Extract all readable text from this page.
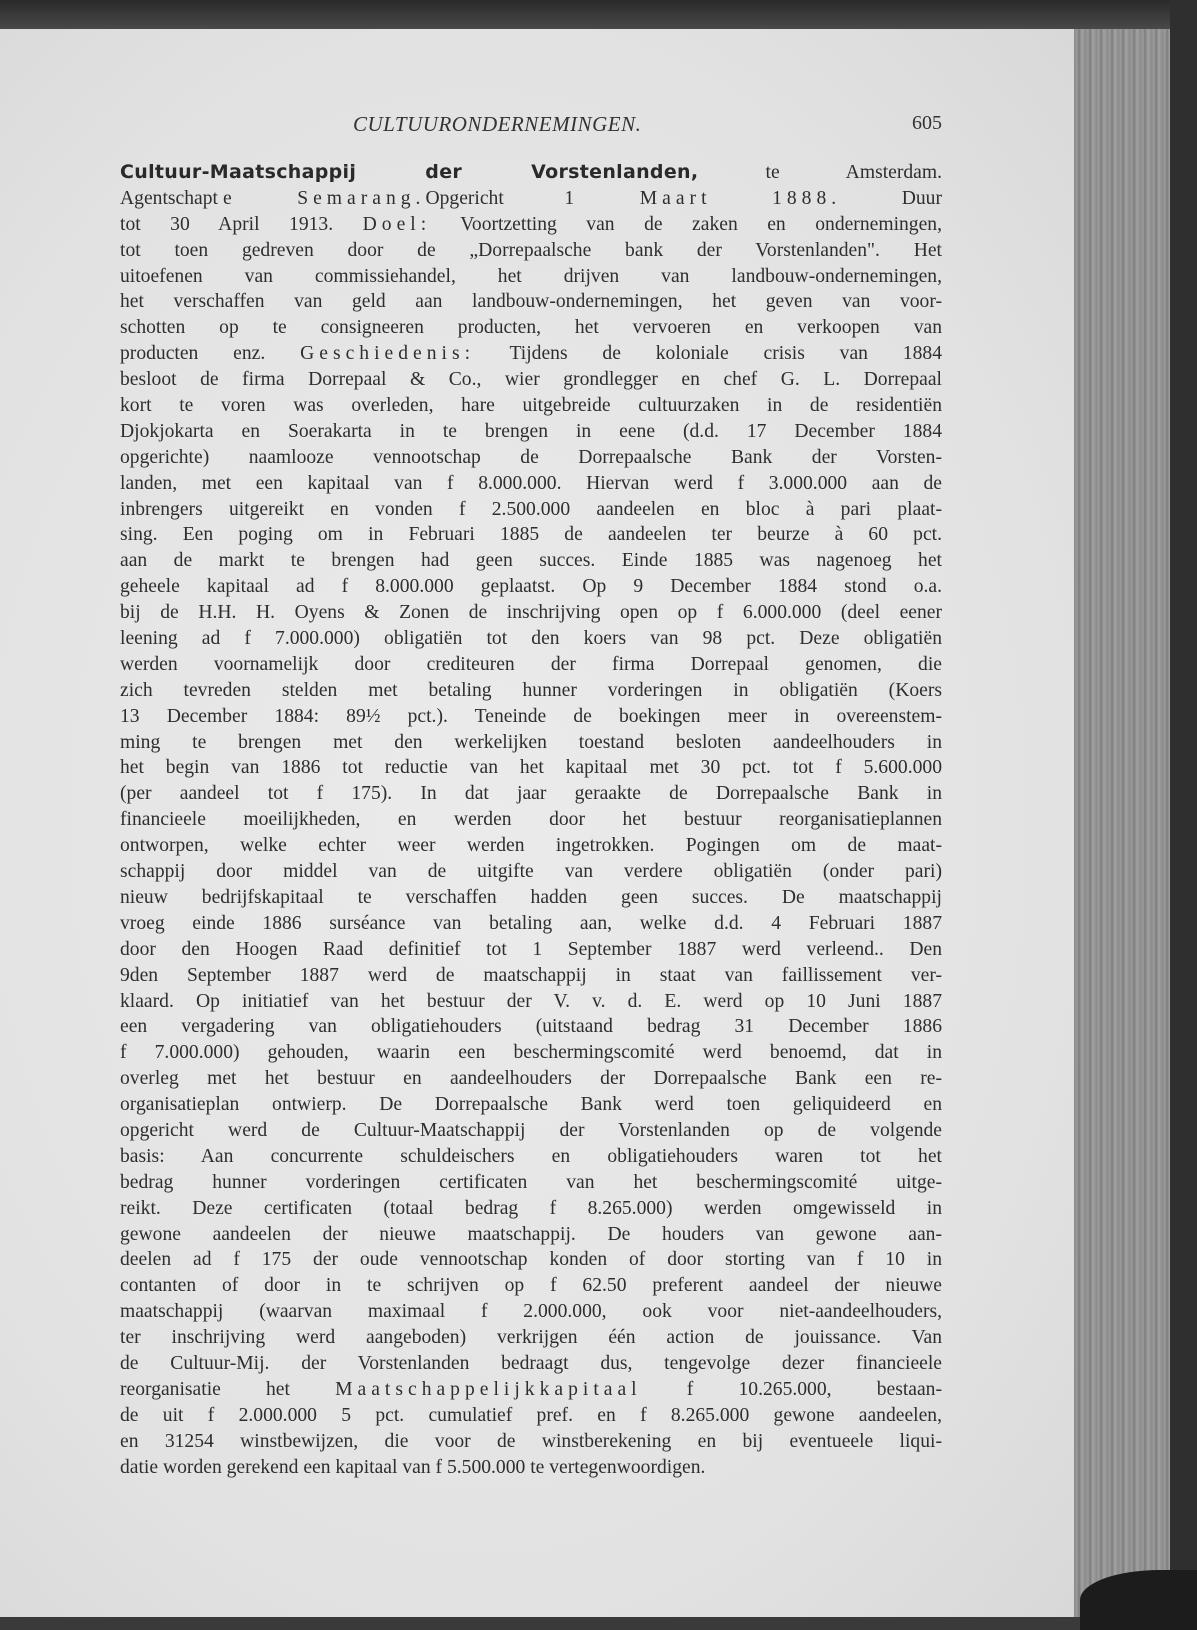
CULTUURONDERNEMINGEN.	605
Cultuur-Maatschappij der Vorstenlanden, te Amsterdam.
Agentschapte Semarang.Opgericht 1 Maart 1888. Duur
tot 30 April 1913. Doel: Voortzetting van de zaken en ondernemingen,
tot toen gedreven door de „Dorrepaalsche bank der Vorstenlanden". Het
uitoefenen van commissiehandel, het drijven van landbouw-ondernemingen,
het verschaffen van geld aan landbouw-ondernemingen, het geven van voor-
schotten op te consigneeren producten, het vervoeren en verkoopen van
producten enz. Geschiedenis: Tijdens de koloniale crisis van 1884
besloot de firma Dorrepaal & Co., wier grondlegger en chef G. L. Dorrepaal
kort te voren was overleden, hare uitgebreide cultuurzaken in de residentiën
Djokjokarta en Soerakarta in te brengen in eene (d.d. 17 December 1884
opgerichte) naamlooze vennootschap de Dorrepaalsche Bank der Vorsten-
landen, met een kapitaal van f 8.000.000. Hiervan werd f 3.000.000 aan de
inbrengers uitgereikt en vonden f 2.500.000 aandeelen en bloc à pari plaat-
sing. Een poging om in Februari 1885 de aandeelen ter beurze à 60 pct.
aan de markt te brengen had geen succes. Einde 1885 was nagenoeg het
geheele kapitaal ad f 8.000.000 geplaatst. Op 9 December 1884 stond o.a.
bij de H.H. H. Oyens & Zonen de inschrijving open op f 6.000.000 (deel eener
leening ad f 7.000.000) obligatiën tot den koers van 98 pct. Deze obligatiën
werden voornamelijk door crediteuren der firma Dorrepaal genomen, die
zich tevreden stelden met betaling hunner vorderingen in obligatiën (Koers
13 December 1884: 89½ pct.). Teneinde de boekingen meer in overeenstem-
ming te brengen met den werkelijken toestand besloten aandeelhouders in
het begin van 1886 tot reductie van het kapitaal met 30 pct. tot f 5.600.000
(per aandeel tot f 175). In dat jaar geraakte de Dorrepaalsche Bank in
financieele moeilijkheden, en werden door het bestuur reorganisatieplannen
ontworpen, welke echter weer werden ingetrokken. Pogingen om de maat-
schappij door middel van de uitgifte van verdere obligatiën (onder pari)
nieuw bedrijfskapitaal te verschaffen hadden geen succes. De maatschappij
vroeg einde 1886 surséance van betaling aan, welke d.d. 4 Februari 1887
door den Hoogen Raad definitief tot 1 September 1887 werd verleend.. Den
9den September 1887 werd de maatschappij in staat van faillissement ver-
klaard. Op initiatief van het bestuur der V. v. d. E. werd op 10 Juni 1887
een vergadering van obligatiehouders (uitstaand bedrag 31 December 1886
f 7.000.000) gehouden, waarin een beschermingscomité werd benoemd, dat in
overleg met het bestuur en aandeelhouders der Dorrepaalsche Bank een re-
organisatieplan ontwierp. De Dorrepaalsche Bank werd toen geliquideerd en
opgericht werd de Cultuur-Maatschappij der Vorstenlanden op de volgende
basis: Aan concurrente schuldeischers en obligatiehouders waren tot het
bedrag hunner vorderingen certificaten van het beschermingscomité uitge-
reikt. Deze certificaten (totaal bedrag f 8.265.000) werden omgewisseld in
gewone aandeelen der nieuwe maatschappij. De houders van gewone aan-
deelen ad f 175 der oude vennootschap konden of door storting van f 10 in
contanten of door in te schrijven op f 62.50 preferent aandeel der nieuwe
maatschappij (waarvan maximaal f 2.000.000, ook voor niet-aandeelhouders,
ter inschrijving werd aangeboden) verkrijgen één action de jouissance. Van
de Cultuur-Mij. der Vorstenlanden bedraagt dus, tengevolge dezer financieele
reorganisatie het Maatschappelijkkapitaal f 10.265.000, bestaan-
de uit f 2.000.000 5 pct. cumulatief pref. en f 8.265.000 gewone aandeelen,
en 31254 winstbewijzen, die voor de winstberekening en bij eventueele liqui-
datie worden gerekend een kapitaal van f 5.500.000 te vertegenwoordigen.
